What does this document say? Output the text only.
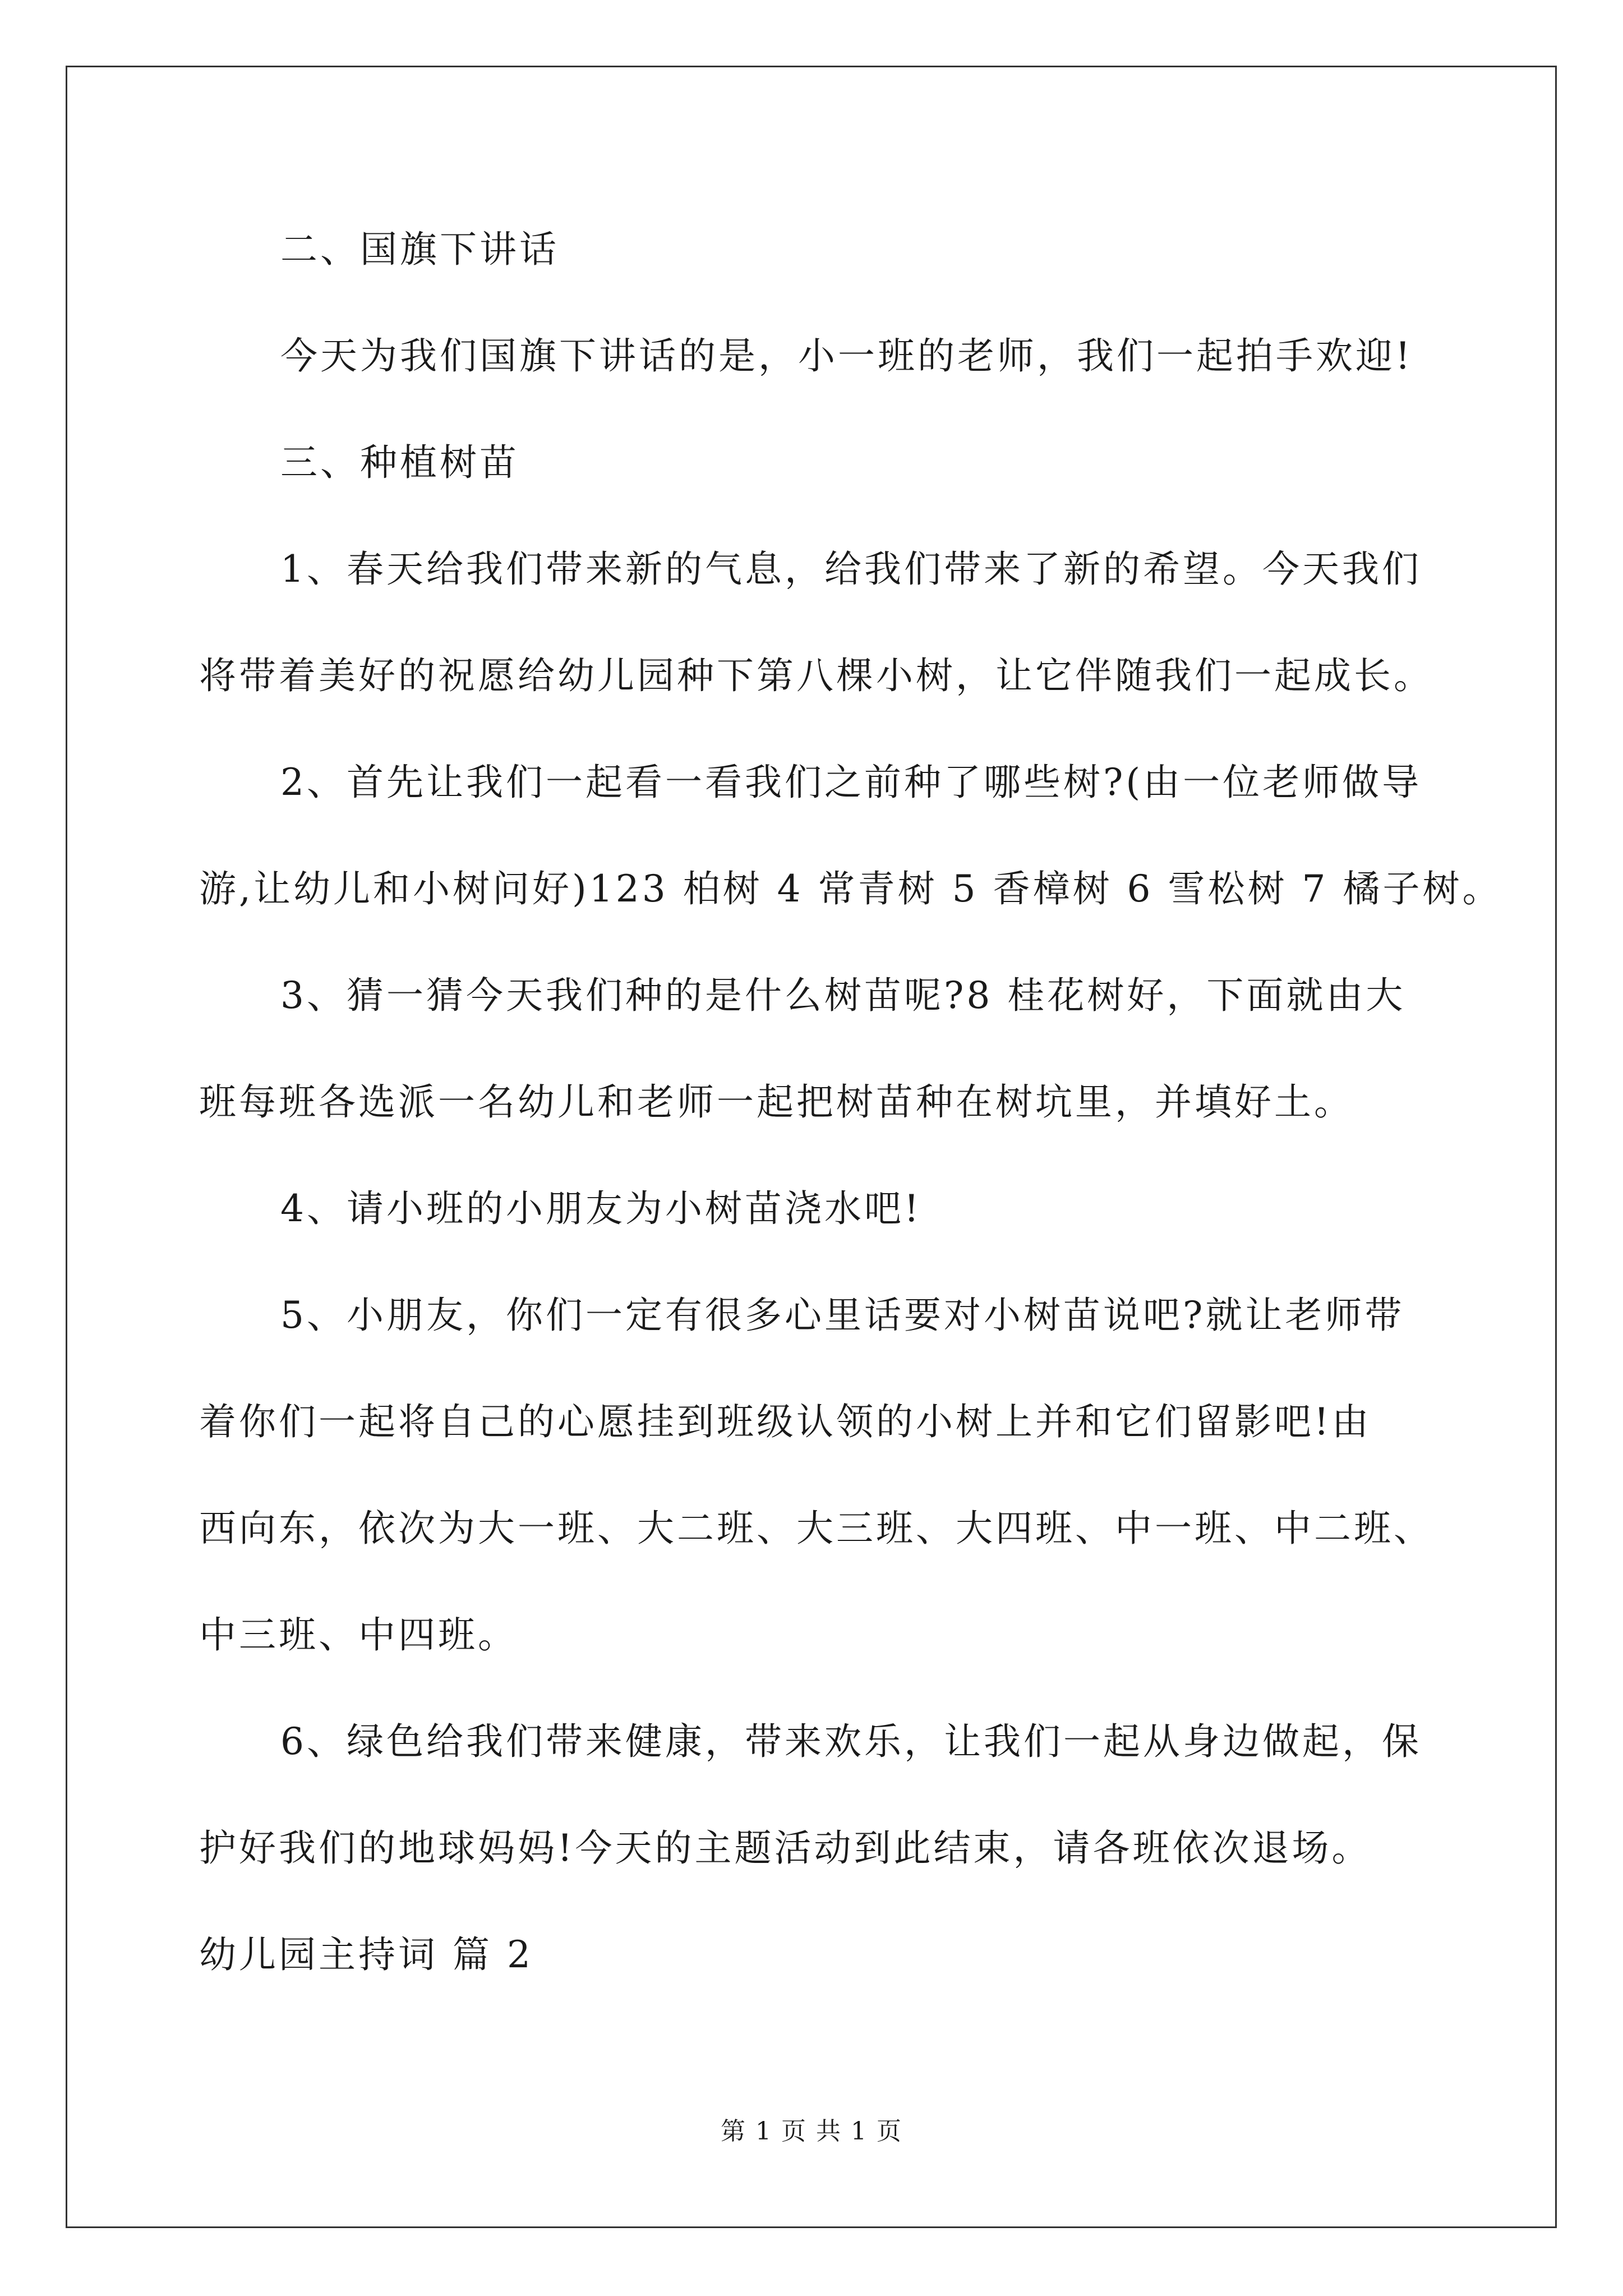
二、国旗下讲话
今天为我们国旗下讲话的是，小一班的老师，我们一起拍手欢迎!
三、种植树苗
1、春天给我们带来新的气息，给我们带来了新的希望。今天我们
将带着美好的祝愿给幼儿园种下第八棵小树，让它伴随我们一起成长。
2、首先让我们一起看一看我们之前种了哪些树?(由一位老师做导
游,让幼儿和小树问好)123 柏树 4 常青树 5 香樟树 6 雪松树 7 橘子树。
3、猜一猜今天我们种的是什么树苗呢?8 桂花树好，下面就由大
班每班各选派一名幼儿和老师一起把树苗种在树坑里，并填好土。
4、请小班的小朋友为小树苗浇水吧!
5、小朋友，你们一定有很多心里话要对小树苗说吧?就让老师带
着你们一起将自己的心愿挂到班级认领的小树上并和它们留影吧!由
西向东，依次为大一班、大二班、大三班、大四班、中一班、中二班、
中三班、中四班。
6、绿色给我们带来健康，带来欢乐，让我们一起从身边做起，保
护好我们的地球妈妈!今天的主题活动到此结束，请各班依次退场。
幼儿园主持词 篇 2
第 1 页 共 1 页
